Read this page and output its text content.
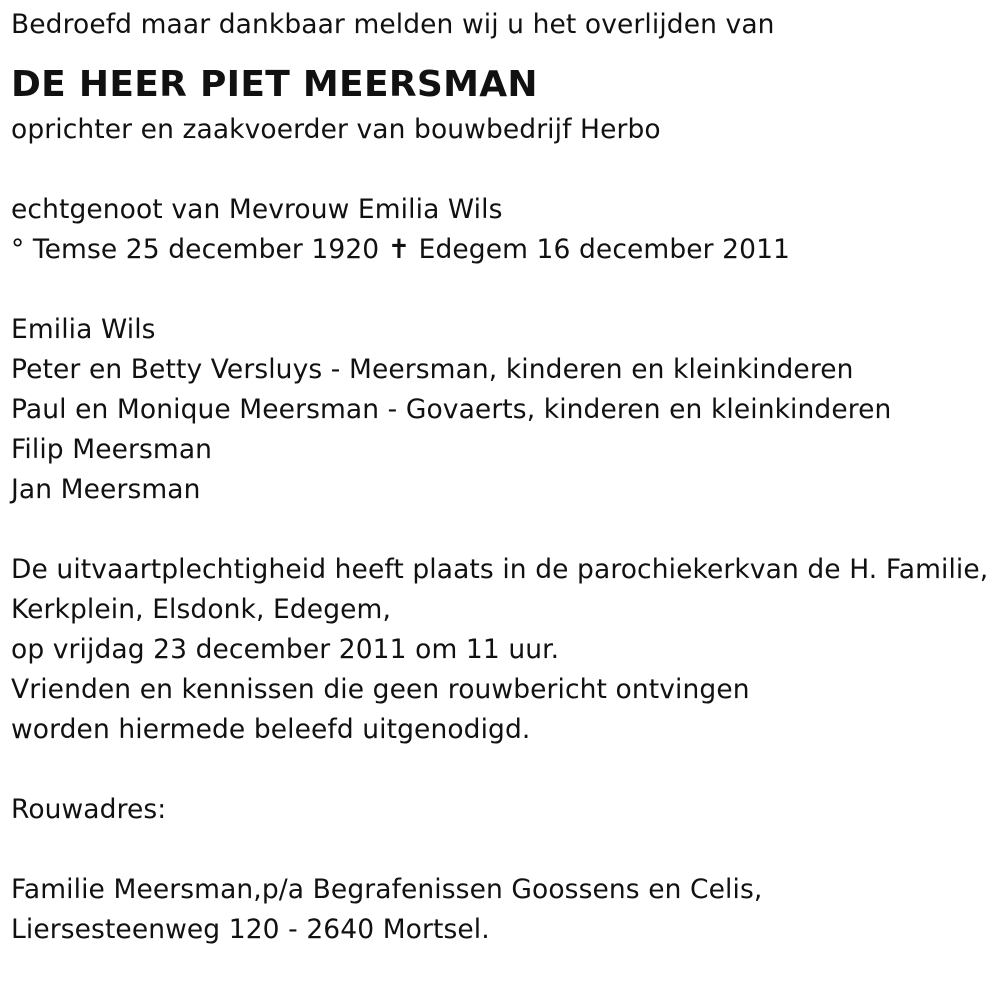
Bedroefd maar dankbaar melden wij u het overlijden van
DE HEER PIET MEERSMAN
oprichter en zaakvoerder van bouwbedrijf Herbo
echtgenoot van Mevrouw Emilia Wils
° Temse 25 december 1920 ✝ Edegem 16 december 2011
Emilia Wils
Peter en Betty Versluys - Meersman, kinderen en kleinkinderen
Paul en Monique Meersman - Govaerts, kinderen en kleinkinderen
Filip Meersman
Jan Meersman
De uitvaartplechtigheid heeft plaats in de parochiekerkvan de H. Familie,
Kerkplein, Elsdonk, Edegem,
op vrijdag 23 december 2011 om 11 uur.
Vrienden en kennissen die geen rouwbericht ontvingen
worden hiermede beleefd uitgenodigd.
Rouwadres:
Familie Meersman,p/a Begrafenissen Goossens en Celis,
Liersesteenweg 120 - 2640 Mortsel.
